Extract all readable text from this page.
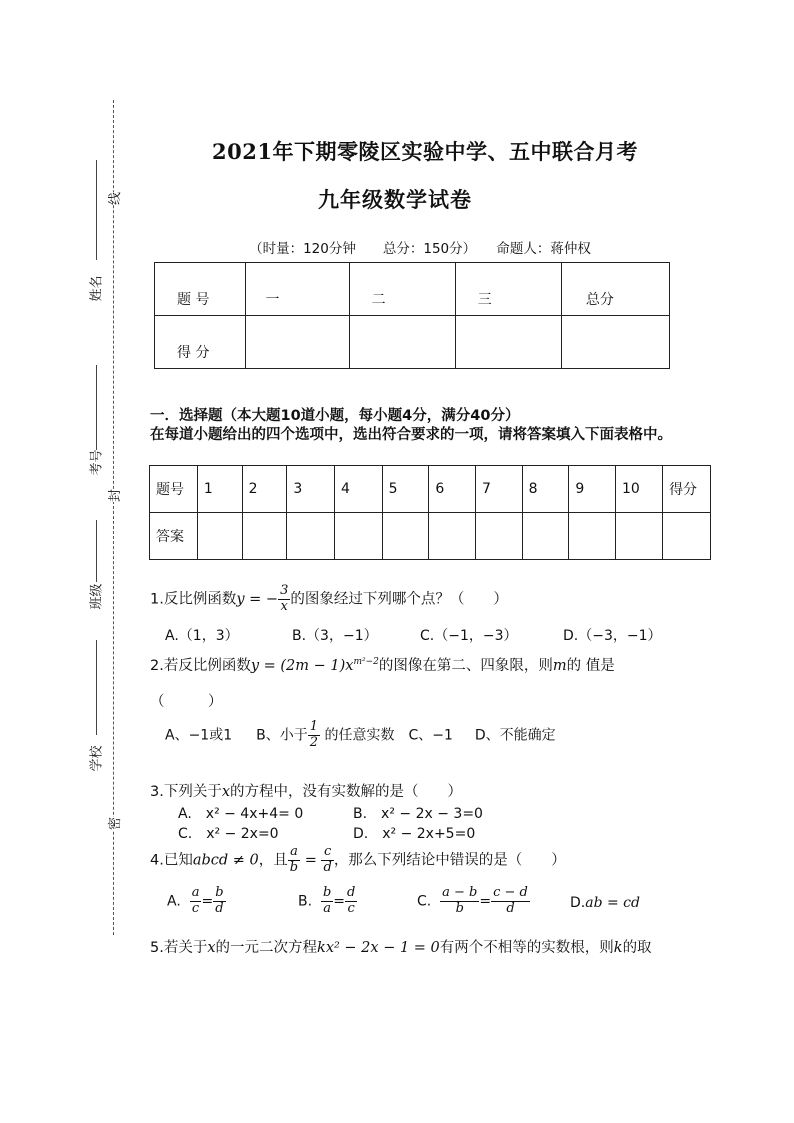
线
封
密
姓名
考号
班级
学校
2021年下期零陵区实验中学、五中联合月考
九年级数学试卷
（时量：120分钟　　总分：150分）　　命题人：蒋仲权
题 号	一	二	三	总分
得 分				
一．选择题（本大题10道小题，每小题4分，满分40分）
在每道小题给出的四个选项中，选出符合要求的一项，请将答案填入下面表格中。
题号	1	2	3	4	5	6	7	8	9	10	得分
答案											
1.反比例函数y = − $\frac{3}{x}$ 的图象经过下列哪个点？（　　）
A.（1，3）	B.（3，−1）	C.（−1，−3）	D.（−3，−1）
2.若反比例函数$y = (2m - 1)x^{m^2-2}$的图像在第二、四象限，则m的 值是
（　　　）
A、−1或1 B、小于 $\frac{1}{2}$ 的任意实数 C、−1 D、不能确定
3.下列关于x的方程中，没有实数解的是（　　）
A.　x² − 4x+4= 0	B.　x² − 2x − 3=0
C.　x² − 2x=0	D.　x² − 2x+5=0
4.已知abcd ≠ 0，且 $\frac{a}{b} = \frac{c}{d}$ ，那么下列结论中错误的是（　　）
A. $\frac{a}{c} = \frac{b}{d}$	B. $\frac{b}{a} = \frac{d}{c}$	C. $\frac{a - b}{b} = \frac{c - d}{d}$	D.ab = cd
5.若关于x的一元二次方程kx² − 2x − 1 = 0有两个不相等的实数根，则k的取
